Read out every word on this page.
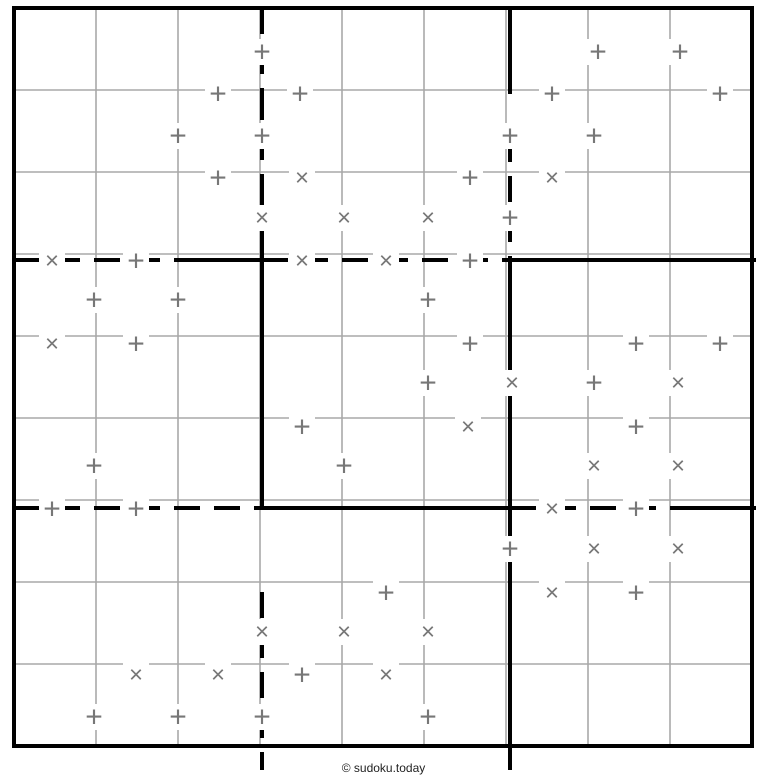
+	+ +
+ +	+	+
+ +	+ +
+	×	+	×
×	×	× +
× +	×	× +
+ +	+
× +	+	+ +
+	× +	×
+	×	+
+	+	×	×
+ +	× +
+	×	×
+	× +
×	×	×
×	× +	×
+ + +	+
© sudoku.today
